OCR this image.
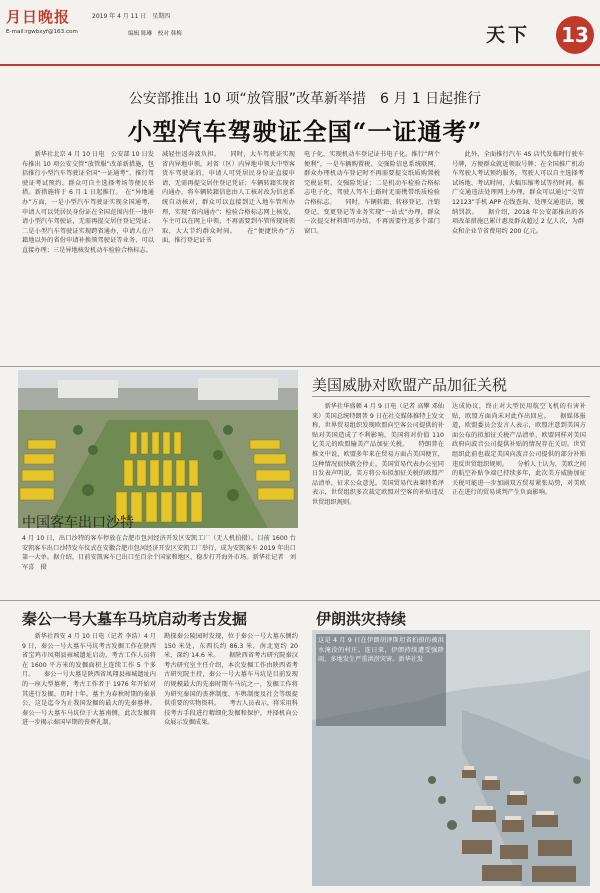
月日晚报	2019 年 4 月 11 日　星期四
E-mail:rgwbxyf@163.com	编辑 陈琳　校对 韩梅	天下 13
公安部推出 10 项“放管服”改革新举措　6 月 1 日起推行
小型汽车驾驶证全国“一证通考”
　　新华社北京 4 月 10 日电　公安部 10 日发布推出 10 项公安交管“放管服”改革新措施，包括推行小型汽车驾驶证全国“一证通考”、推行驾驶证考试预约、群众可自主选择考场等便民举措。新措施将于 6 月 1 日起推行。　在“异地通办”方面，一是小型汽车驾驶证实现全国通考，申请人可以凭居民身份证在全国范围内任一地申请小型汽车驾驶证，无需再提交居住登记凭证；二是小型汽车驾驶证实现跨省通办，申请人在户籍地以外的省份申请补换领驾驶证等业务，可以直接办理；三是异地核发机动车检验合格标志。
减轻往返奔波负担。　　同时，大车驾驶证实现省内异地申领，对省（区）内异地申领大中型客货车驾驶证的，申请人可凭居民身份证直接申请，无需再提交居住登记凭证；车辆转籍实现省内通办，将车辆转籍信息由人工核对改为信息系统自动核对，群众可以直接到迁入地车管所办理，实现“省内通办”；检验合格标志网上核发，车主可以在网上申领，不再需要到车管所现场领取，大大节约群众时间。　　在“便捷快办”方面，推行登记证书
电子化，实现机动车登记证书电子化。推行“两个便利”，一是车辆购置税、交强险信息系统联网，群众办理机动车登记时不再需要提交纸质购置税完税证明、交强险凭证；二是机动车检验合格标志电子化，驾驶人驾车上路时无需携带纸质检验合格标志。　　同时，车辆转籍、转移登记、注销登记、变更登记等业务实现“一站式”办理，群众一次提交材料即可办结，不再需要往返多个部门窗口。
　　此外，全面推行汽车 4S 店代发临时行驶车号牌，方便群众就近领取号牌；在全国推广机动车驾驶人考试预约服务，驾驶人可以自主选择考试场地、考试时间，大幅压缩考试等待时间。推广交通违法处理网上办理，群众可以通过“交管 12123”手机 APP 在线查询、处理交通违法，缴纳罚款。　　据介绍，2018 年公安部推出的各项改革措施已累计惠及群众超过 2 亿人次，为群众和企业节省费用约 200 亿元。
中国客车出口沙特
4 月 10 日，出口沙特的客车停放在合肥市包河经济开发区安凯工厂（无人机拍摄）。目前 1600 台安凯客车出口沙特发车仪式在安徽合肥市包河经济开发区安凯工厂举行，成为安凯客车 2019 年出口第一大单。据介绍，目前安凯客车已出口至百余个国家和地区，稳步打开海外市场。新华社记者　刘军喜　摄
美国威胁对欧盟产品加征关税
　　新华社华盛顿 4 月 9 日电（记者 高攀 邓仙来）美国总统特朗普 9 日在社交媒体推特上发文称，世界贸易组织发现欧盟向空客公司提供的补贴对美国造成了不利影响，美国将对价值 110 亿美元的欧盟输美产品加征关税。　　特朗普在推文中说，欧盟多年来在贸易方面占美国便宜，这种情况很快就会停止。美国贸易代表办公室同日发表声明说，美方将公布拟加征关税的欧盟产品清单，征求公众意见。美国贸易代表莱特希泽表示，世贸组织多次裁定欧盟对空客的补贴违反世贸组织规则。
达成协议，终止对大型民用航空飞机的有害补贴，欧盟方面尚未对此作出回应。　　据媒体报道，欧盟委员会发言人表示，欧盟注意到美国方面公布的拟加征关税产品清单，欧盟同样对美国政府向波音公司提供补贴的情况存在关切。世贸组织此前也裁定美国向波音公司提供的部分补贴违反世贸组织规则。　　分析人士认为，美欧之间的航空补贴争端已持续多年，此次美方威胁加征关税可能进一步加剧双方贸易紧张局势，对美欧正在进行的贸易谈判产生负面影响。
秦公一号大墓车马坑启动考古发掘
　　新华社西安 4 月 10 日电（记者 李浩）4 月 9 日，秦公一号大墓车马坑考古发掘工作在陕西省宝鸡市凤翔县雍城遗址启动，考古工作人员将在 1600 平方米的发掘面积上连续工作 5 个多月。　　秦公一号大墓是陕西省凤翔县雍城遗址内的一座大型墓葬，考古工作者于 1976 年开始对其进行发掘，历时十年。墓主为春秋时期的秦景公，这是迄今为止我国发掘的最大的先秦墓葬。秦公一号大墓车马坑位于大墓南侧，此次发掘将进一步揭示秦国早期的丧葬礼制。
勘探秦公陵园时发现，位于秦公一号大墓东侧约 150 米处，东西长约 86.3 米，南北宽约 20 米，深约 14.6 米。　　据陕西省考古研究院秦汉考古研究室主任介绍，本次发掘工作由陕西省考古研究院主持，秦公一号大墓车马坑是目前发现的规模最大的先秦时期车马坑之一，发掘工作将为研究秦国的丧葬制度、车舆制度及社会等级提供重要的实物资料。　　考古人员表示，将采用科技考古手段进行精细化发掘和保护，并择机向公众展示发掘成果。
伊朗洪灾持续
这是 4 月 9 日在伊朗胡泽斯坦省拍摄的被洪水淹没的村庄。连日来，伊朗持续遭受强降雨，多地发生严重洪涝灾害。新华社发
